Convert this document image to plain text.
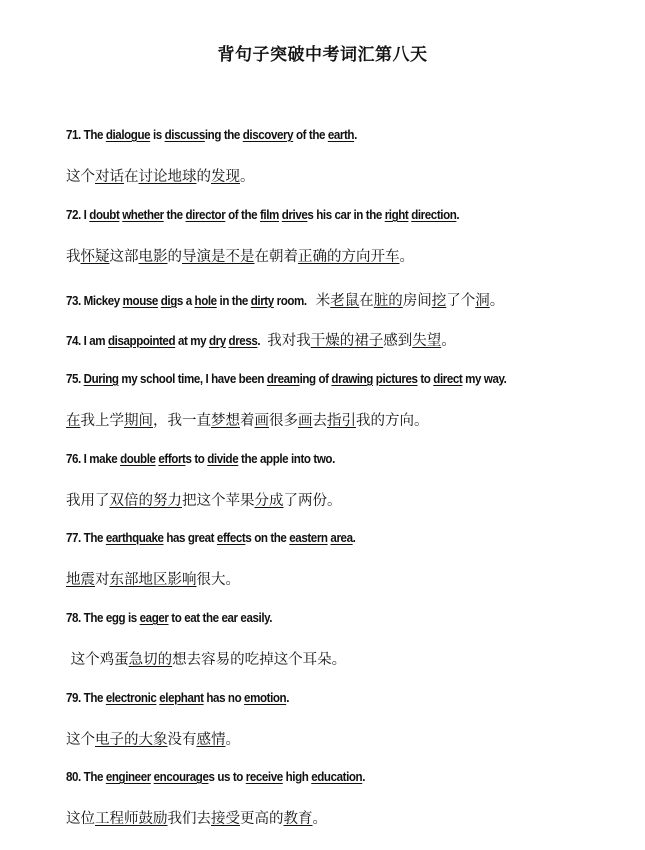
背句子突破中考词汇第八天
71. The dialogue is discussing the discovery of the earth.
这个对话在讨论地球的发现。
72. I doubt whether the director of the film drives his car in the right direction.
我怀疑这部电影的导演是不是在朝着正确的方向开车。
73. Mickey mouse digs a hole in the dirty room.  米老鼠在脏的房间挖了个洞。
74. I am disappointed at my dry dress.  我对我干燥的裙子感到失望。
75. During my school time, I have been dreaming of drawing pictures to direct my way.
在我上学期间，我一直梦想着画很多画去指引我的方向。
76. I make double efforts to divide the apple into two.
我用了双倍的努力把这个苹果分成了两份。
77. The earthquake has great effects on the eastern area.
地震对东部地区影响很大。
78. The egg is eager to eat the ear easily.
这个鸡蛋急切的想去容易的吃掉这个耳朵。
79. The electronic elephant has no emotion.
这个电子的大象没有感情。
80. The engineer encourages us to receive high education.
这位工程师鼓励我们去接受更高的教育。
